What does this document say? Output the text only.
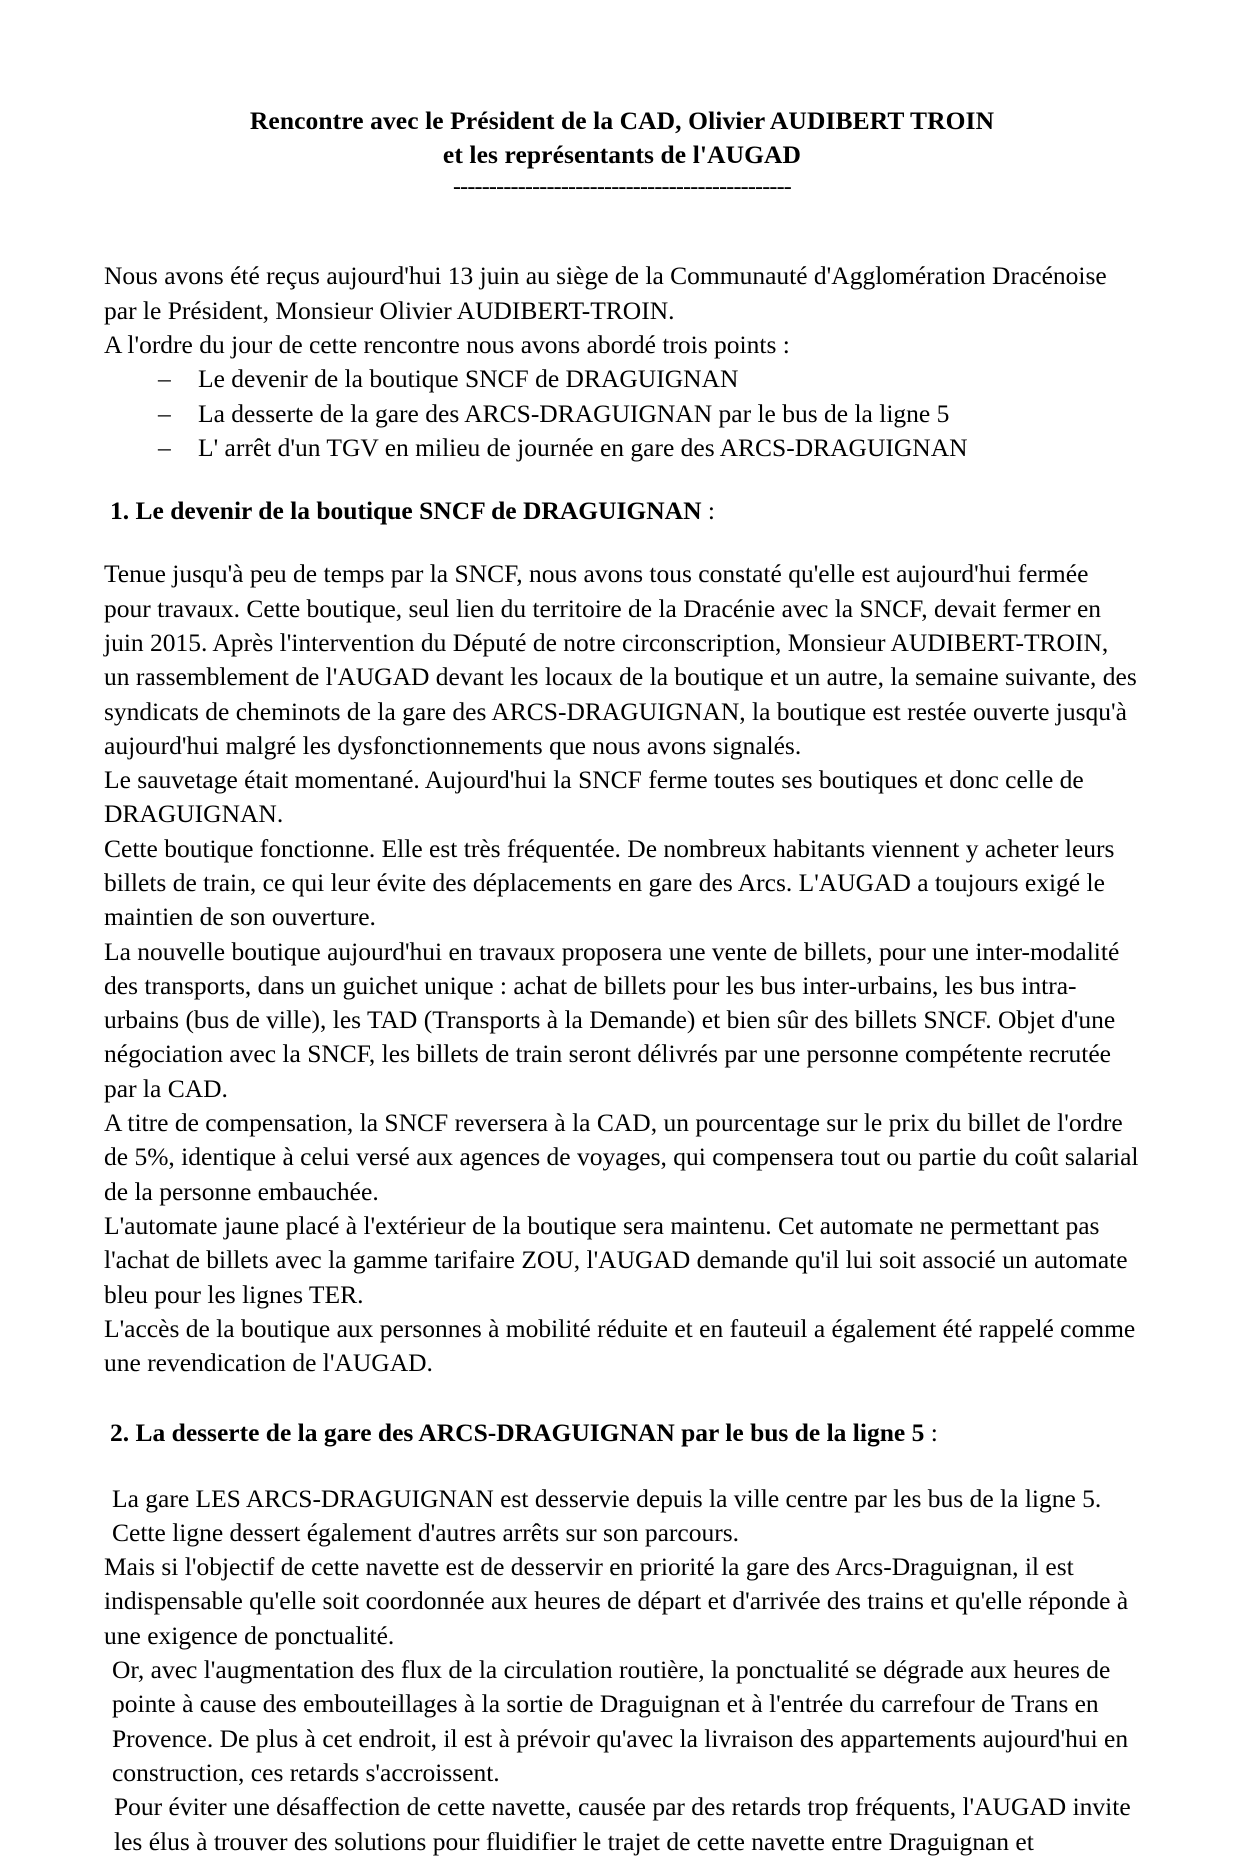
Rencontre avec le Président de la CAD, Olivier AUDIBERT TROIN
et les représentants de l'AUGAD
-----------------------------------------------

Nous avons été reçus aujourd'hui 13 juin au siège de la Communauté d'Agglomération Dracénoise par le Président, Monsieur Olivier AUDIBERT-TROIN.

A l'ordre du jour de cette rencontre nous avons abordé trois points :

– Le devenir de la boutique SNCF de DRAGUIGNAN
– La desserte de la gare des ARCS-DRAGUIGNAN par le bus de la ligne 5
– L' arrêt d'un TGV en milieu de journée en gare des ARCS-DRAGUIGNAN
1. Le devenir de la boutique SNCF de DRAGUIGNAN :

Tenue jusqu'à peu de temps par la SNCF, nous avons tous constaté qu'elle est aujourd'hui fermée pour travaux. Cette boutique, seul lien du territoire de la Dracénie avec la SNCF, devait fermer en juin 2015. Après l'intervention du Député de notre circonscription, Monsieur AUDIBERT-TROIN, un rassemblement de l'AUGAD devant les locaux de la boutique et un autre, la semaine suivante, des syndicats de cheminots de la gare des ARCS-DRAGUIGNAN, la boutique est restée ouverte jusqu'à aujourd'hui malgré les dysfonctionnements que nous avons signalés.

Le sauvetage était momentané. Aujourd'hui la SNCF ferme toutes ses boutiques et donc celle de DRAGUIGNAN.

Cette boutique fonctionne. Elle est très fréquentée. De nombreux habitants viennent y acheter leurs billets de train, ce qui leur évite des déplacements en gare des Arcs. L'AUGAD a toujours exigé le maintien de son ouverture.

La nouvelle boutique aujourd'hui en travaux proposera une vente de billets, pour une inter-modalité des transports, dans un guichet unique : achat de billets pour les bus inter-urbains, les bus intra-urbains (bus de ville), les TAD (Transports à la Demande) et bien sûr des billets SNCF. Objet d'une négociation avec la SNCF, les billets de train seront délivrés par une personne compétente recrutée par la CAD.

A titre de compensation, la SNCF reversera à la CAD, un pourcentage sur le prix du billet de l'ordre de 5%, identique à celui versé aux agences de voyages, qui compensera tout ou partie du coût salarial de la personne embauchée.

L'automate jaune placé à l'extérieur de la boutique sera maintenu. Cet automate ne permettant pas l'achat de billets avec la gamme tarifaire ZOU, l'AUGAD demande qu'il lui soit associé un automate bleu pour les lignes TER.

L'accès de la boutique aux personnes à mobilité réduite et en fauteuil a également été rappelé comme une revendication de l'AUGAD.

2. La desserte de la gare des ARCS-DRAGUIGNAN par le bus de la ligne 5 :

La gare LES ARCS-DRAGUIGNAN est desservie depuis la ville centre par les bus de la ligne 5.

Cette ligne dessert également d'autres arrêts sur son parcours.

Mais si l'objectif de cette navette est de desservir en priorité la gare des Arcs-Draguignan, il est indispensable qu'elle soit coordonnée aux heures de départ et d'arrivée des trains et qu'elle réponde à une exigence de ponctualité.

Or, avec l'augmentation des flux de la circulation routière, la ponctualité se dégrade aux heures de pointe à cause des embouteillages à la sortie de Draguignan et à l'entrée du carrefour de Trans en Provence. De plus à cet endroit, il est à prévoir qu'avec la livraison des appartements aujourd'hui en construction, ces retards s'accroissent.

Pour éviter une désaffection de cette navette, causée par des retards trop fréquents, l'AUGAD invite les élus à trouver des solutions pour fluidifier le trajet de cette navette entre Draguignan et
